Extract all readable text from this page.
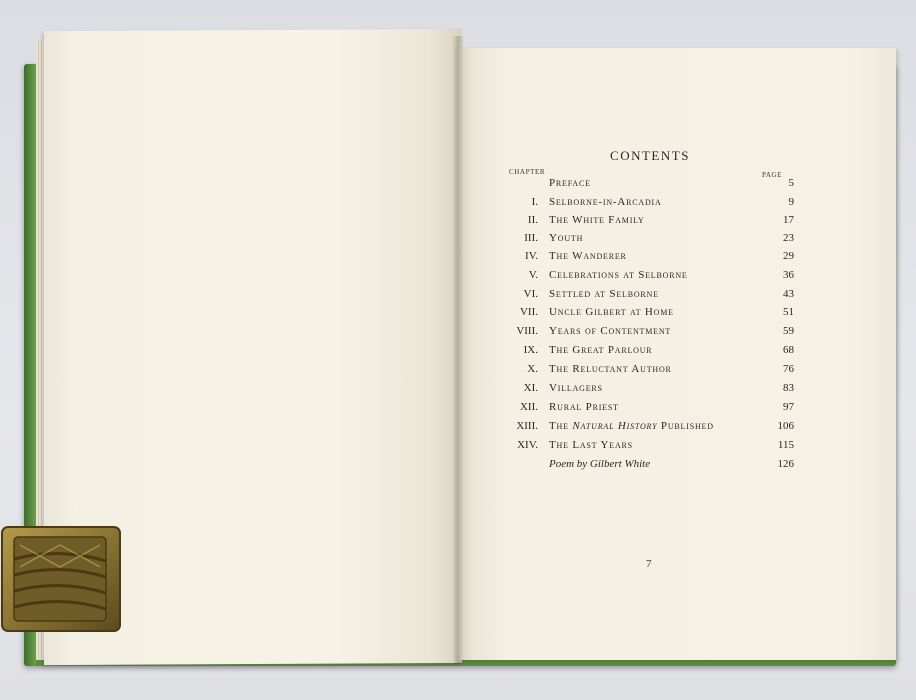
CONTENTS
CHAPTER	PAGE
Preface	5
I. Selborne-in-Arcadia	9
II. The White Family	17
III. Youth	23
IV. The Wanderer	29
V. Celebrations at Selborne	36
VI. Settled at Selborne	43
VII. Uncle Gilbert at Home	51
VIII. Years of Contentment	59
IX. The Great Parlour	68
X. The Reluctant Author	76
XI. Villagers	83
XII. Rural Priest	97
XIII. The Natural History Published	106
XIV. The Last Years	115
Poem by Gilbert White	126
7
